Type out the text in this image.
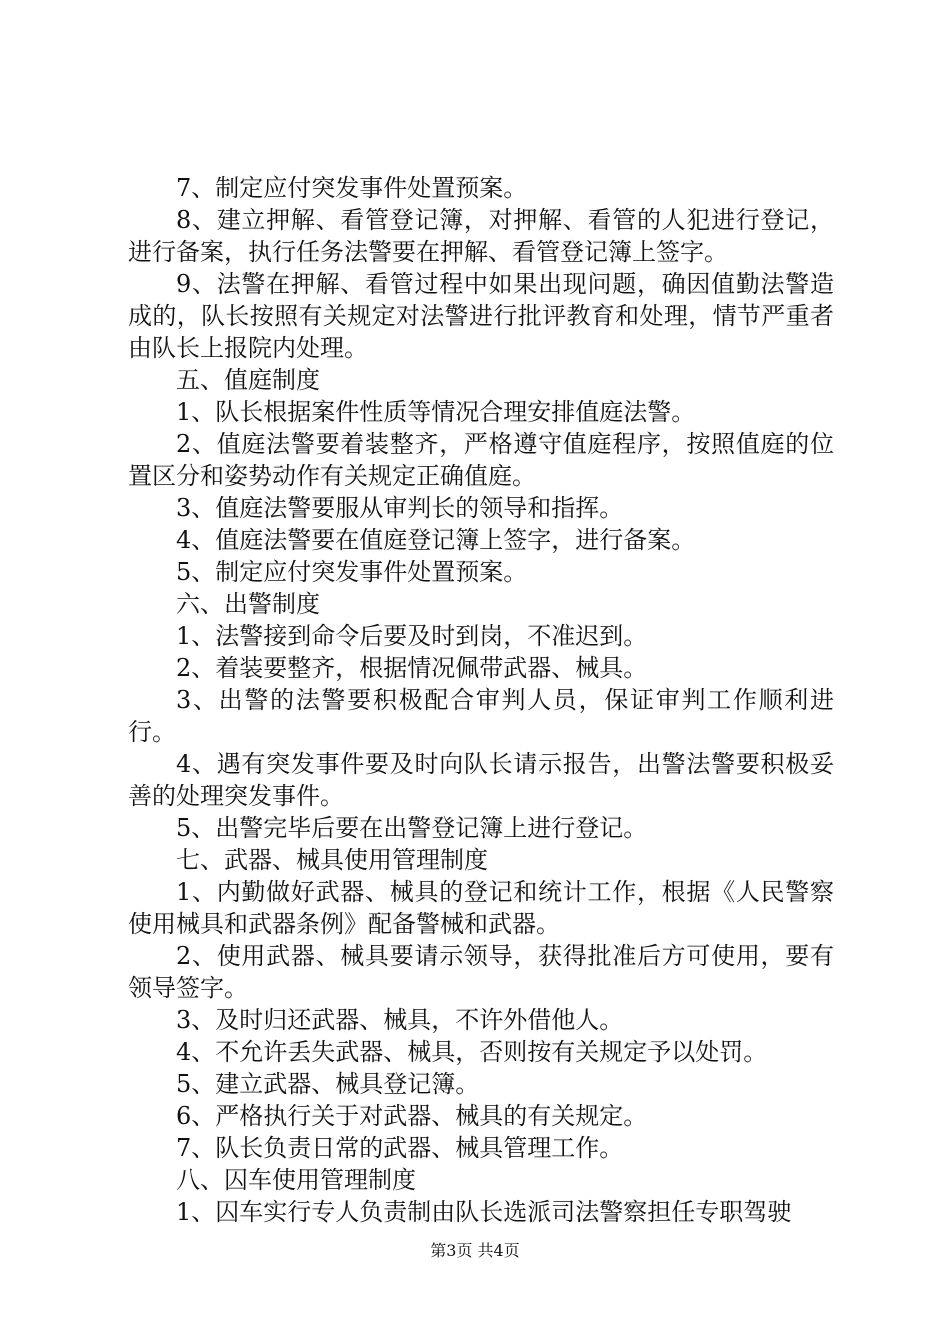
7、制定应付突发事件处置预案。

8、建立押解、看管登记簿，对押解、看管的人犯进行登记，进行备案，执行任务法警要在押解、看管登记簿上签字。

9、法警在押解、看管过程中如果出现问题，确因值勤法警造成的，队长按照有关规定对法警进行批评教育和处理，情节严重者由队长上报院内处理。

五、值庭制度

1、队长根据案件性质等情况合理安排值庭法警。

2、值庭法警要着装整齐，严格遵守值庭程序，按照值庭的位置区分和姿势动作有关规定正确值庭。

3、值庭法警要服从审判长的领导和指挥。

4、值庭法警要在值庭登记簿上签字，进行备案。

5、制定应付突发事件处置预案。

六、出警制度

1、法警接到命令后要及时到岗，不准迟到。

2、着装要整齐，根据情况佩带武器、械具。

3、出警的法警要积极配合审判人员，保证审判工作顺利进行。

4、遇有突发事件要及时向队长请示报告，出警法警要积极妥善的处理突发事件。

5、出警完毕后要在出警登记簿上进行登记。

七、武器、械具使用管理制度

1、内勤做好武器、械具的登记和统计工作，根据《人民警察使用械具和武器条例》配备警械和武器。

2、使用武器、械具要请示领导，获得批准后方可使用，要有领导签字。

3、及时归还武器、械具，不许外借他人。

4、不允许丢失武器、械具，否则按有关规定予以处罚。

5、建立武器、械具登记簿。

6、严格执行关于对武器、械具的有关规定。

7、队长负责日常的武器、械具管理工作。

八、囚车使用管理制度

1、囚车实行专人负责制由队长选派司法警察担任专职驾驶

第3页 共4页
